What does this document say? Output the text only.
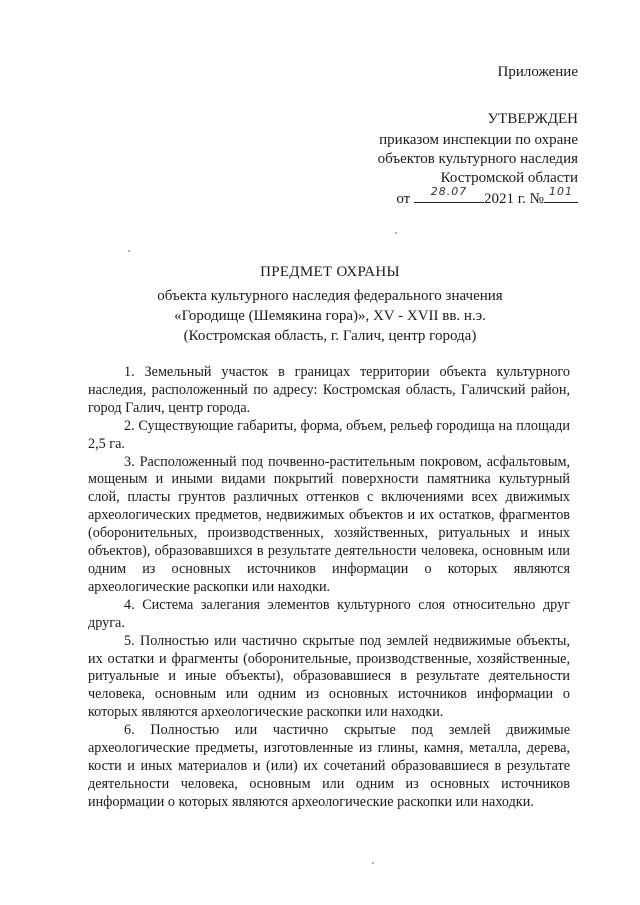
Приложение
УТВЕРЖДЕН
приказом инспекции по охране
объектов культурного наследия
Костромской области
от	28.07	2021 г. № 101
ПРЕДМЕТ ОХРАНЫ
объекта культурного наследия федерального значения
«Городище (Шемякина гора)», XV - XVII вв. н.э.
(Костромская область, г. Галич, центр города)

1. Земельный участок в границах территории объекта культурного наследия, расположенный по адресу: Костромская область, Галичский район, город Галич, центр города.

2. Существующие габариты, форма, объем, рельеф городища на площади 2,5 га.

3. Расположенный под почвенно-растительным покровом, асфальтовым, мощеным и иными видами покрытий поверхности памятника культурный слой, пласты грунтов различных оттенков с включениями всех движимых археологических предметов, недвижимых объектов и их остатков, фрагментов (оборонительных, производственных, хозяйственных, ритуальных и иных объектов), образовавшихся в результате деятельности человека, основным или одним из основных источников информации о которых являются археологические раскопки или находки.

4. Система залегания элементов культурного слоя относительно друг друга.

5. Полностью или частично скрытые под землей недвижимые объекты, их остатки и фрагменты (оборонительные, производственные, хозяйственные, ритуальные и иные объекты), образовавшиеся в результате деятельности человека, основным или одним из основных источников информации о которых являются археологические раскопки или находки.

6. Полностью или частично скрытые под землей движимые археологические предметы, изготовленные из глины, камня, металла, дерева, кости и иных материалов и (или) их сочетаний образовавшиеся в результате деятельности человека, основным или одним из основных источников информации о которых являются археологические раскопки или находки.
